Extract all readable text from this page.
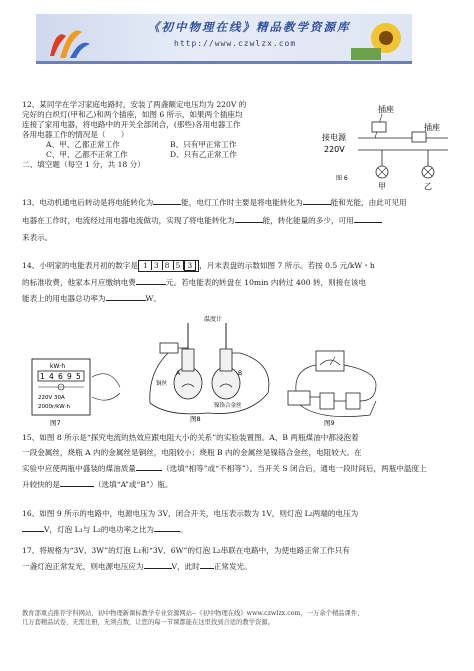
《初中物理在线》精品教学资源库
http://www.czwlzx.com

12、某同学在学习家庭电路时，安装了两盏额定电压均为 220V 的

完好的白炽灯(甲和乙)和两个插座，如图 6 所示，如果两个插座均

连接了家用电器，将电路中的开关全部闭合，(那些)各用电器工作

各用电器工作的情况是（　　）

A、甲、乙都正常工作	B、只有甲正常工作
C、甲、乙都不正常工作	D、只有乙正常工作

二、填空题（每空 1 分，共 18 分）

插座
插座
接电源
220V
甲	乙
图 6

13、电动机通电后转动是将电能转化为	能，电灯工作时主要是将电能转化为	能和光能，由此可见用

电器在工作时，电流经过用电器电流做功，实现了将电能转化为	能，转化能量的多少，可用

来表示。

14、小明家的电能表月初的数字是 1 3 8 5 3 ，月末表盘的示数如图 7 所示。若按 0.5 元/kW・h

的标准收费，他家本月应缴纳电费	元。若电能表的转盘在 10min 内转过 400 转，则接在该电

能表上的用电器总功率为	W。

kW·h
1 4 6 9 5
220V 30A
2000r/kW·h
图7
温度计
A	B
铜丝
镍铬合金丝
图8	图9

15、如图 8 所示是“探究电流的热效应跟电阻大小的关系”的实验装置图。A、B 两瓶煤油中都浸泡着

一段金属丝，烧瓶 A 内的金属丝是铜丝，电阻较小；烧瓶 B 内的金属丝是镍铬合金丝，电阻较大。在

实验中应使两瓶中盛装的煤油质量	（选填“相等”或“不相等”）。当开关 S 闭合后，通电一段时间后，两瓶中温度上

升较快的是	（选填“A”或“B”）瓶。

16、如图 9 所示的电路中，电源电压为 3V，闭合开关，电压表示数为 1V，则灯泡 L₂两端的电压为

V，灯泡 L₁与 L₂的电功率之比为	。

17、将规格为“3V、3W”的灯泡 L₁和“3V、6W”的灯泡 L₂串联在电路中，为使电路正常工作只有

一盏灯泡正常发光，则电源电压应为	V，此时 正常发光。

教育部重点推荐学科网站，初中物理新课标教学专业资源网站--《初中物理在线》www.czwlzx.com，一万余个精品课件、

几万套精品试卷，无需注册，无须点数，让您的每一节课都能在这里找到合适的教学资源。
